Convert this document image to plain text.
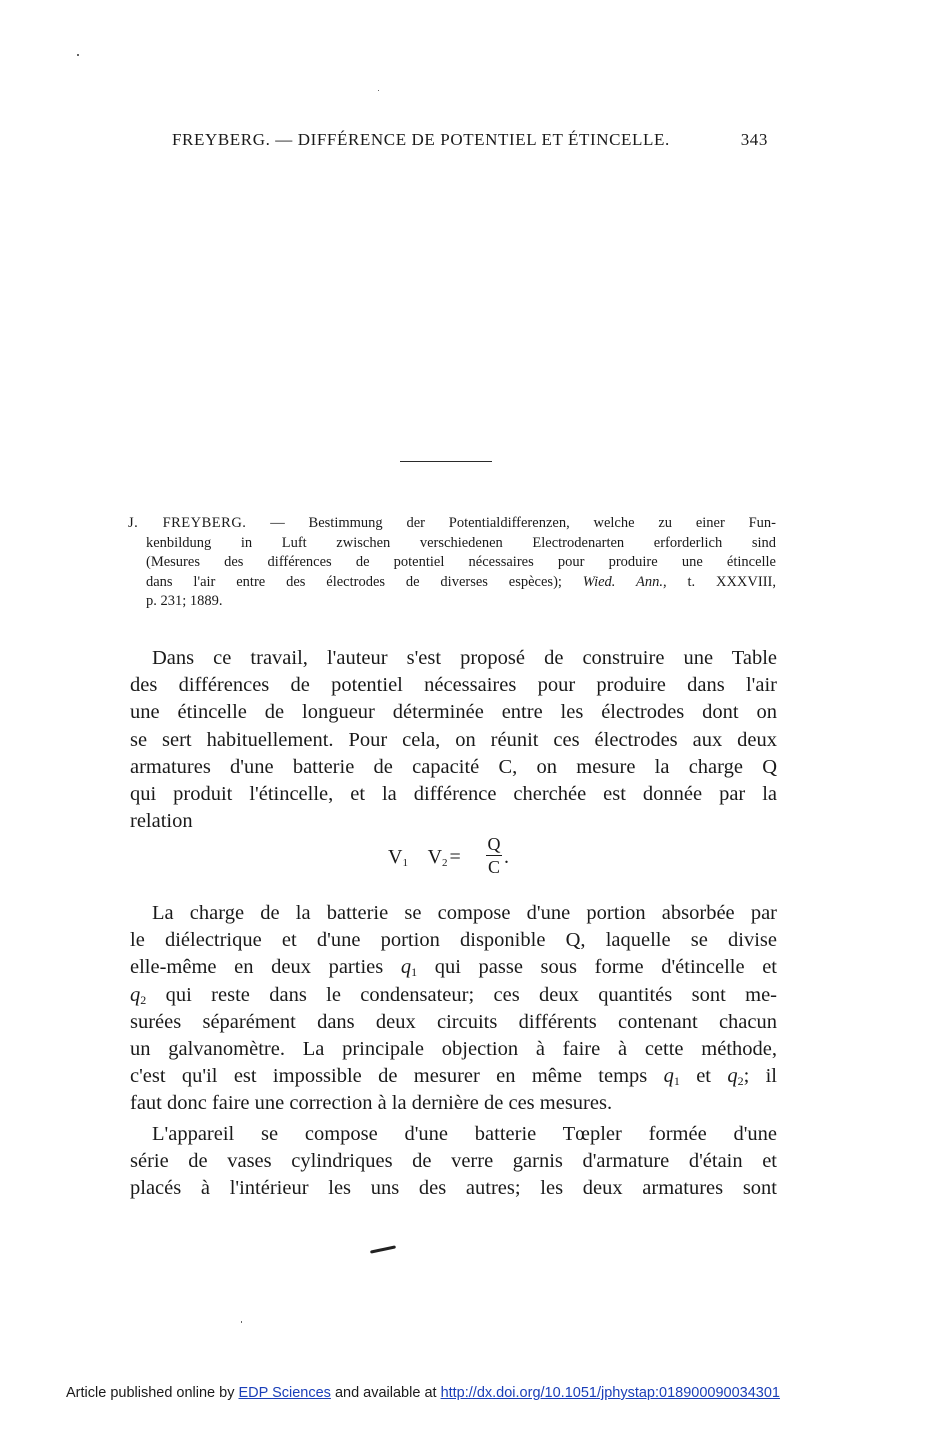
FREYBERG. — DIFFÉRENCE DE POTENTIEL ET ÉTINCELLE.	343
J. FREYBERG. — Bestimmung der Potentialdifferenzen, welche zu einer Fun-
kenbildung in Luft zwischen verschiedenen Electrodenarten erforderlich sind
(Mesures des différences de potentiel nécessaires pour produire une étincelle
dans l'air entre des électrodes de diverses espèces); Wied. Ann., t. XXXVIII,
p. 231; 1889.
Dans ce travail, l'auteur s'est proposé de construire une Table
des différences de potentiel nécessaires pour produire dans l'air
une étincelle de longueur déterminée entre les électrodes dont on
se sert habituellement. Pour cela, on réunit ces électrodes aux deux
armatures d'une batterie de capacité C, on mesure la charge Q
qui produit l'étincelle, et la différence cherchée est donnée par la
relation
$V_1$ $V_2$ =
Q
C .
La charge de la batterie se compose d'une portion absorbée par
le diélectrique et d'une portion disponible Q, laquelle se divise
elle-même en deux parties $q_1$ qui passe sous forme d'étincelle et
$q_2$ qui reste dans le condensateur; ces deux quantités sont me-
surées séparément dans deux circuits différents contenant chacun
un galvanomètre. La principale objection à faire à cette méthode,
c'est qu'il est impossible de mesurer en même temps $q_1$ et $q_2$; il
faut donc faire une correction à la dernière de ces mesures.
L'appareil se compose d'une batterie Tœpler formée d'une
série de vases cylindriques de verre garnis d'armature d'étain et
placés à l'intérieur les uns des autres; les deux armatures sont
Article published online by EDP Sciences and available at http://dx.doi.org/10.1051/jphystap:018900090034301
